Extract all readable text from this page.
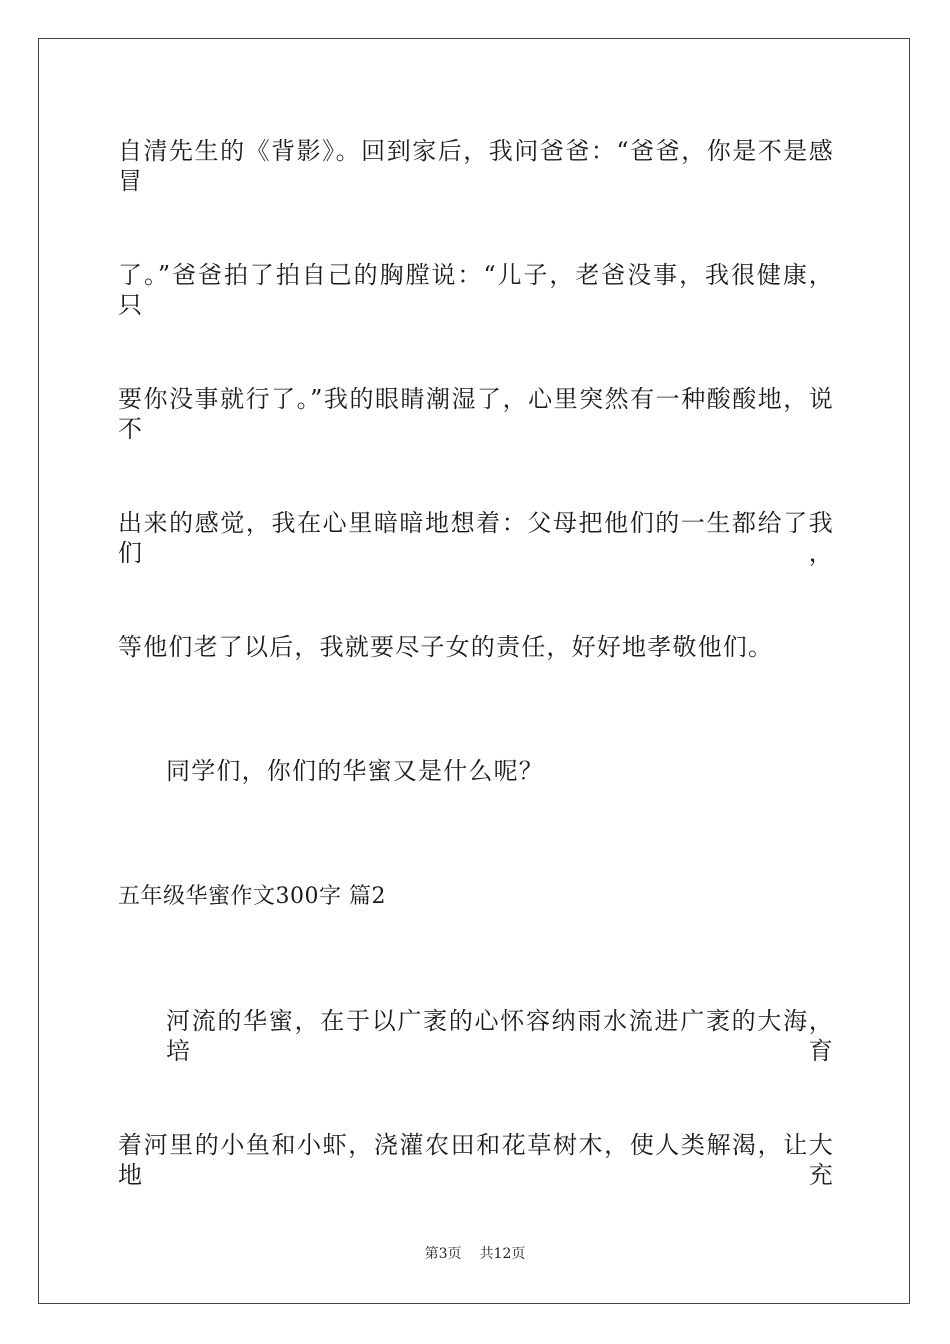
自清先生的《背影》。回到家后，我问爸爸：“爸爸，你是不是感冒
了。”爸爸拍了拍自己的胸膛说：“儿子，老爸没事，我很健康，只
要你没事就行了。”我的眼睛潮湿了，心里突然有一种酸酸地，说不
出来的感觉，我在心里暗暗地想着：父母把他们的一生都给了我们，
等他们老了以后，我就要尽子女的责任，好好地孝敬他们。
同学们，你们的华蜜又是什么呢？
五年级华蜜作文300字 篇2
河流的华蜜，在于以广袤的心怀容纳雨水流进广袤的大海，培育
着河里的小鱼和小虾，浇灌农田和花草树木，使人类解渴，让大地充
第3页 共12页
